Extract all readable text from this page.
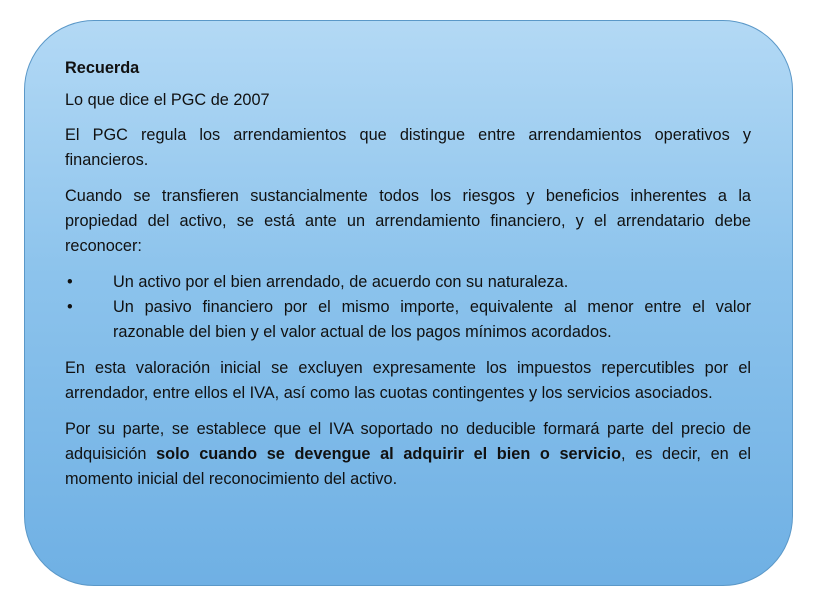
Recuerda

Lo que dice el PGC de 2007

El PGC regula los arrendamientos que distingue entre arrendamientos operativos y financieros.

Cuando se transfieren sustancialmente todos los riesgos y beneficios inherentes a la propiedad del activo, se está ante un arrendamiento financiero, y el arrendatario debe reconocer:

• Un activo por el bien arrendado, de acuerdo con su naturaleza.
• Un pasivo financiero por el mismo importe, equivalente al menor entre el valor razonable del bien y el valor actual de los pagos mínimos acordados.

En esta valoración inicial se excluyen expresamente los impuestos repercutibles por el arrendador, entre ellos el IVA, así como las cuotas contingentes y los servicios asociados.

Por su parte, se establece que el IVA soportado no deducible formará parte del precio de adquisición solo cuando se devengue al adquirir el bien o servicio, es decir, en el momento inicial del reconocimiento del activo.
